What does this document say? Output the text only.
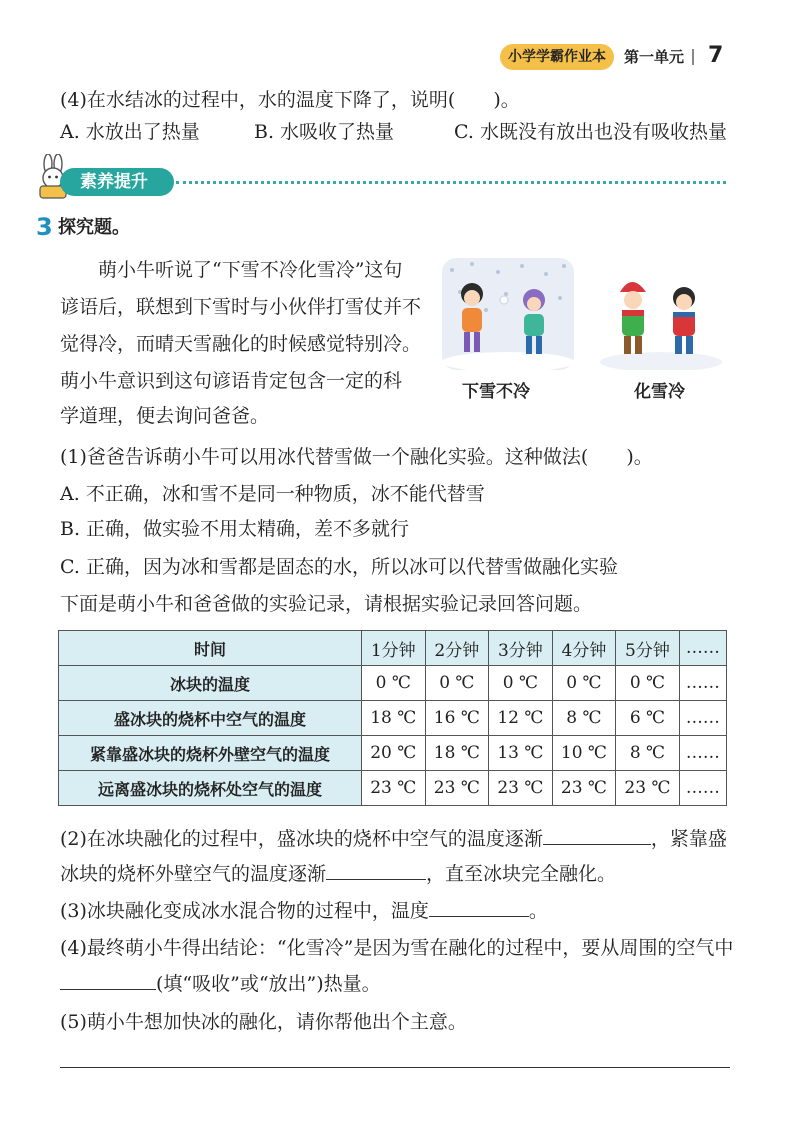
小学学霸作业本	第一单元 7
(4)在水结冰的过程中，水的温度下降了，说明(　　)。
A. 水放出了热量	B. 水吸收了热量	C. 水既没有放出也没有吸收热量
素养提升
3 探究题。
萌小牛听说了“下雪不冷化雪冷”这句
谚语后，联想到下雪时与小伙伴打雪仗并不
觉得冷，而晴天雪融化的时候感觉特别冷。
萌小牛意识到这句谚语肯定包含一定的科
学道理，便去询问爸爸。
下雪不冷	化雪冷
(1)爸爸告诉萌小牛可以用冰代替雪做一个融化实验。这种做法(　　)。
A. 不正确，冰和雪不是同一种物质，冰不能代替雪
B. 正确，做实验不用太精确，差不多就行
C. 正确，因为冰和雪都是固态的水，所以冰可以代替雪做融化实验
下面是萌小牛和爸爸做的实验记录，请根据实验记录回答问题。
时间	1分钟	2分钟	3分钟	4分钟	5分钟	……
冰块的温度	0 ℃	0 ℃	0 ℃	0 ℃	0 ℃	……
盛冰块的烧杯中空气的温度	18 ℃	16 ℃	12 ℃	8 ℃	6 ℃	……
紧靠盛冰块的烧杯外壁空气的温度	20 ℃	18 ℃	13 ℃	10 ℃	8 ℃	……
远离盛冰块的烧杯处空气的温度	23 ℃	23 ℃	23 ℃	23 ℃	23 ℃	……
(2)在冰块融化的过程中，盛冰块的烧杯中空气的温度逐渐	，紧靠盛
冰块的烧杯外壁空气的温度逐渐	，直至冰块完全融化。
(3)冰块融化变成冰水混合物的过程中，温度	。
(4)最终萌小牛得出结论：“化雪冷”是因为雪在融化的过程中，要从周围的空气中
(填“吸收”或“放出”)热量。
(5)萌小牛想加快冰的融化，请你帮他出个主意。
